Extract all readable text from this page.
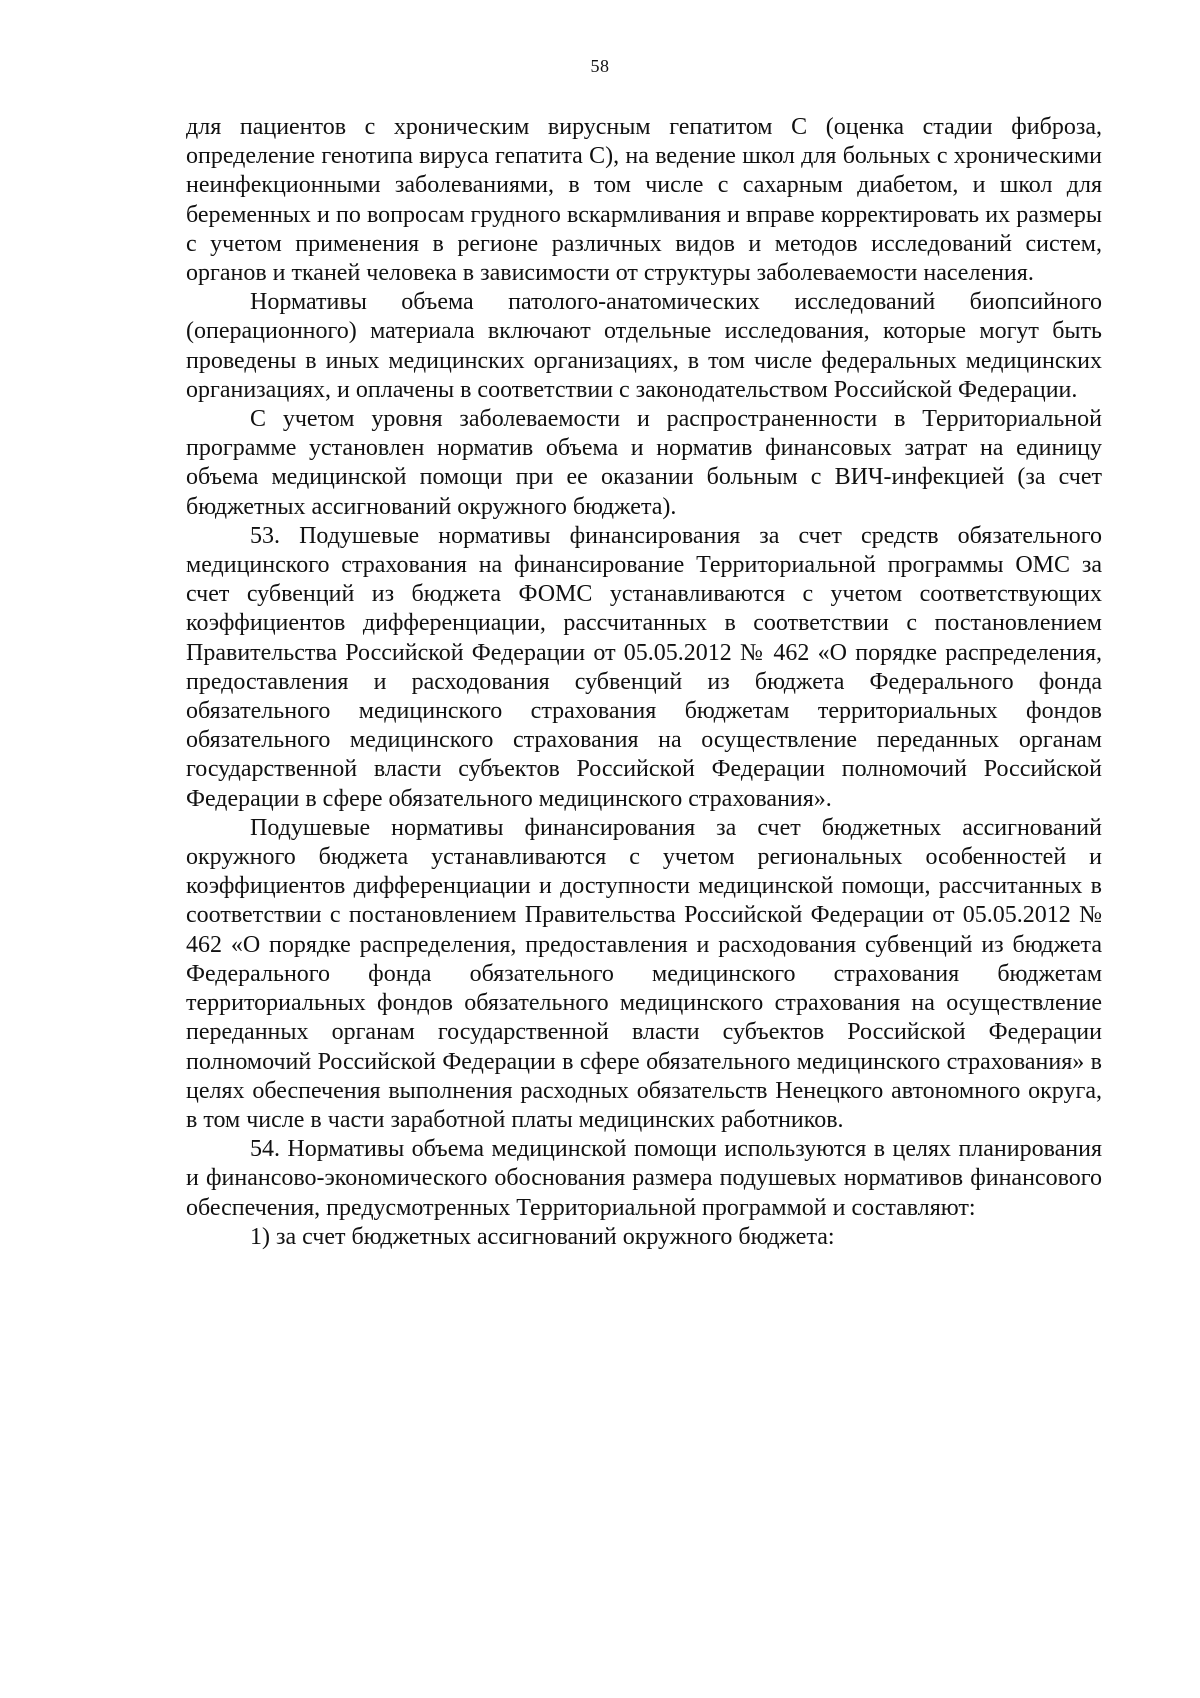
58

для пациентов с хроническим вирусным гепатитом С (оценка стадии фиброза, определение генотипа вируса гепатита С), на ведение школ для больных с хроническими неинфекционными заболеваниями, в том числе с сахарным диабетом, и школ для беременных и по вопросам грудного вскармливания и вправе корректировать их размеры с учетом применения в регионе различных видов и методов исследований систем, органов и тканей человека в зависимости от структуры заболеваемости населения.

Нормативы объема патолого-анатомических исследований биопсийного (операционного) материала включают отдельные исследования, которые могут быть проведены в иных медицинских организациях, в том числе федеральных медицинских организациях, и оплачены в соответствии с законодательством Российской Федерации.

С учетом уровня заболеваемости и распространенности в Территориальной программе установлен норматив объема и норматив финансовых затрат на единицу объема медицинской помощи при ее оказании больным с ВИЧ-инфекцией (за счет бюджетных ассигнований окружного бюджета).

53. Подушевые нормативы финансирования за счет средств обязательного медицинского страхования на финансирование Территориальной программы ОМС за счет субвенций из бюджета ФОМС устанавливаются с учетом соответствующих коэффициентов дифференциации, рассчитанных в соответствии с постановлением Правительства Российской Федерации от 05.05.2012 № 462 «О порядке распределения, предоставления и расходования субвенций из бюджета Федерального фонда обязательного медицинского страхования бюджетам территориальных фондов обязательного медицинского страхования на осуществление переданных органам государственной власти субъектов Российской Федерации полномочий Российской Федерации в сфере обязательного медицинского страхования».

Подушевые нормативы финансирования за счет бюджетных ассигнований окружного бюджета устанавливаются с учетом региональных особенностей и коэффициентов дифференциации и доступности медицинской помощи, рассчитанных в соответствии с постановлением Правительства Российской Федерации от 05.05.2012 № 462 «О порядке распределения, предоставления и расходования субвенций из бюджета Федерального фонда обязательного медицинского страхования бюджетам территориальных фондов обязательного медицинского страхования на осуществление переданных органам государственной власти субъектов Российской Федерации полномочий Российской Федерации в сфере обязательного медицинского страхования» в целях обеспечения выполнения расходных обязательств Ненецкого автономного округа, в том числе в части заработной платы медицинских работников.

54. Нормативы объема медицинской помощи используются в целях планирования и финансово-экономического обоснования размера подушевых нормативов финансового обеспечения, предусмотренных Территориальной программой и составляют:

1) за счет бюджетных ассигнований окружного бюджета:
